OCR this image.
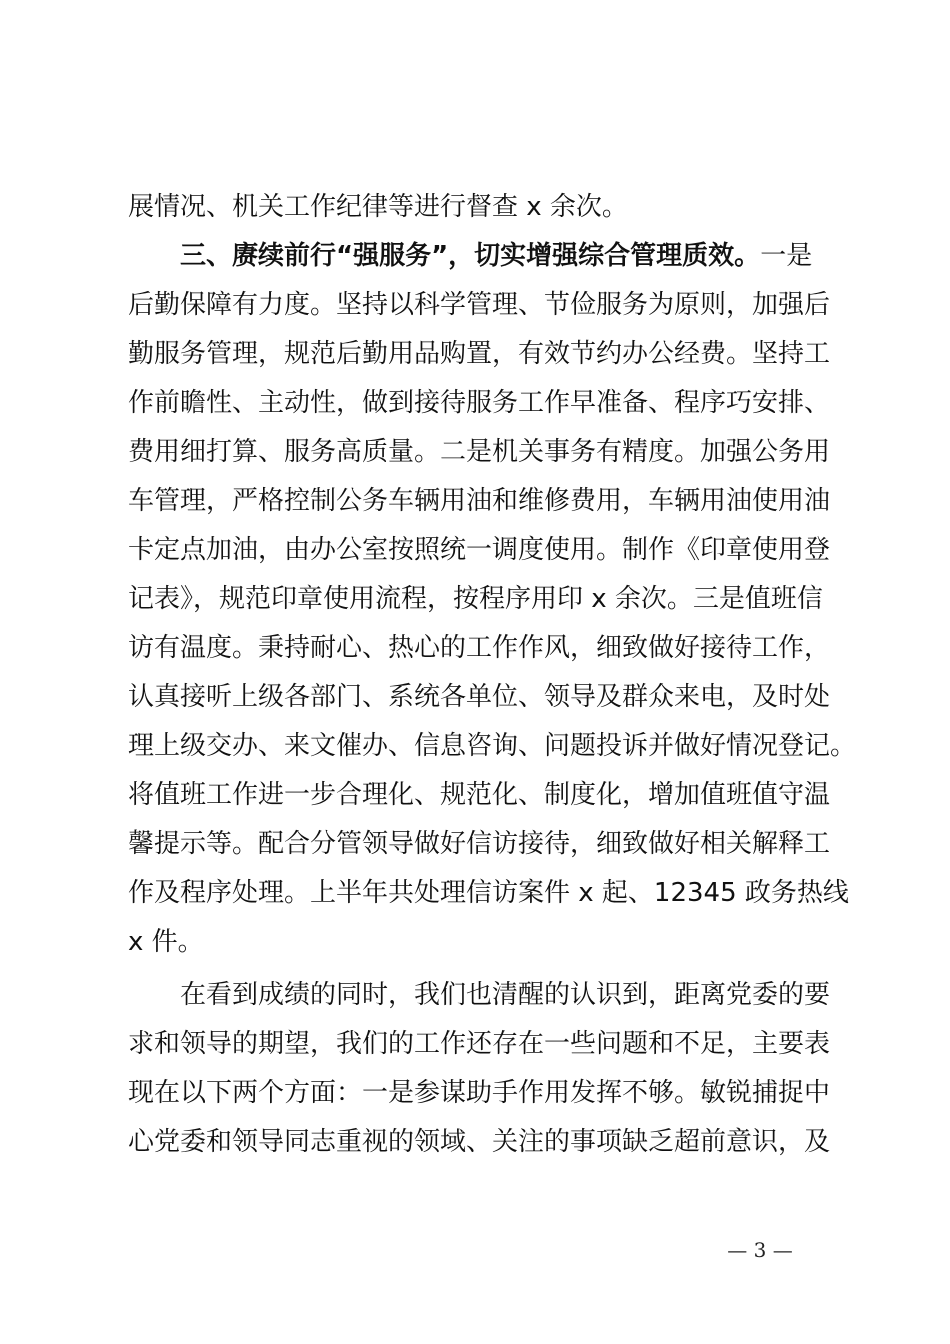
展情况、机关工作纪律等进行督查 x 余次。
三、赓续前行“强服务”，切实增强综合管理质效。一是
后勤保障有力度。坚持以科学管理、节俭服务为原则，加强后
勤服务管理，规范后勤用品购置，有效节约办公经费。坚持工
作前瞻性、主动性，做到接待服务工作早准备、程序巧安排、
费用细打算、服务高质量。二是机关事务有精度。加强公务用
车管理，严格控制公务车辆用油和维修费用，车辆用油使用油
卡定点加油，由办公室按照统一调度使用。制作《印章使用登
记表》，规范印章使用流程，按程序用印 x 余次。三是值班信
访有温度。秉持耐心、热心的工作作风，细致做好接待工作，
认真接听上级各部门、系统各单位、领导及群众来电，及时处
理上级交办、来文催办、信息咨询、问题投诉并做好情况登记。
将值班工作进一步合理化、规范化、制度化，增加值班值守温
馨提示等。配合分管领导做好信访接待，细致做好相关解释工
作及程序处理。上半年共处理信访案件 x 起、12345 政务热线
x 件。
在看到成绩的同时，我们也清醒的认识到，距离党委的要
求和领导的期望，我们的工作还存在一些问题和不足，主要表
现在以下两个方面：一是参谋助手作用发挥不够。敏锐捕捉中
心党委和领导同志重视的领域、关注的事项缺乏超前意识，及
— 3 —
